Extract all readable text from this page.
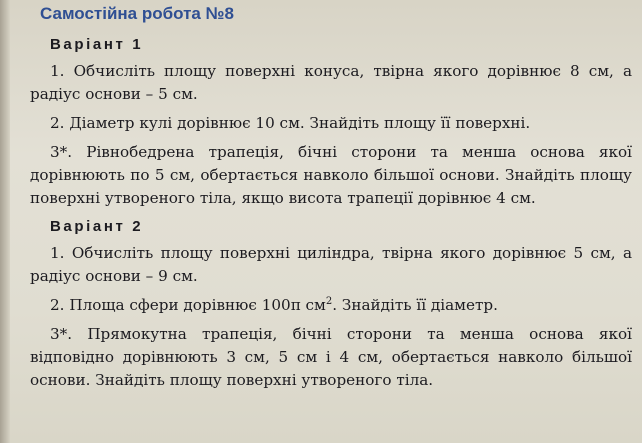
Самостійна робота №8
Варіант 1

1. Обчисліть площу поверхні конуса, твірна якого дорівнює 8 см, а радіус основи – 5 см.

2. Діаметр кулі дорівнює 10 см. Знайдіть площу її поверхні.

3*. Рівнобедрена трапеція, бічні сторони та менша основа якої дорівнюють по 5 см, обертається навколо більшої основи. Знайдіть площу поверхні утвореного тіла, якщо висота трапеції дорівнює 4 см.

Варіант 2

1. Обчисліть площу поверхні циліндра, твірна якого дорівнює 5 см, а радіус основи – 9 см.

2. Площа сфери дорівнює 100π $см^2$. Знайдіть її діаметр.

3*. Прямокутна трапеція, бічні сторони та менша основа якої відповідно дорівнюють 3 см, 5 см і 4 см, обертається навколо більшої основи. Знайдіть площу поверхні утвореного тіла.
